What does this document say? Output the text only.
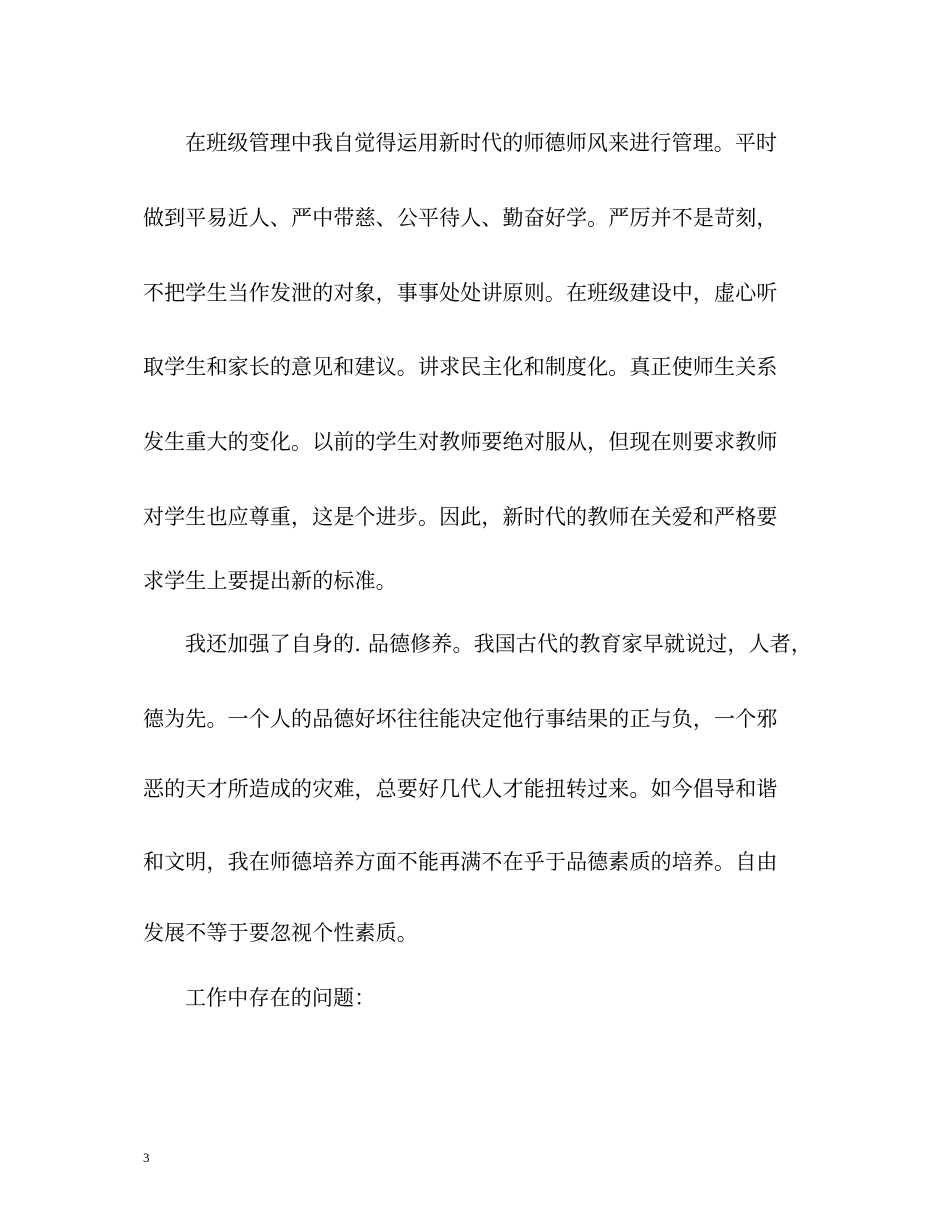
在班级管理中我自觉得运用新时代的师德师风来进行管理。平时
做到平易近人、严中带慈、公平待人、勤奋好学。严厉并不是苛刻，
不把学生当作发泄的对象，事事处处讲原则。在班级建设中，虚心听
取学生和家长的意见和建议。讲求民主化和制度化。真正使师生关系
发生重大的变化。以前的学生对教师要绝对服从，但现在则要求教师
对学生也应尊重，这是个进步。因此，新时代的教师在关爱和严格要
求学生上要提出新的标准。
我还加强了自身的. 品德修养。我国古代的教育家早就说过，人者，
德为先。一个人的品德好坏往往能决定他行事结果的正与负，一个邪
恶的天才所造成的灾难，总要好几代人才能扭转过来。如今倡导和谐
和文明，我在师德培养方面不能再满不在乎于品德素质的培养。自由
发展不等于要忽视个性素质。
工作中存在的问题：
3
